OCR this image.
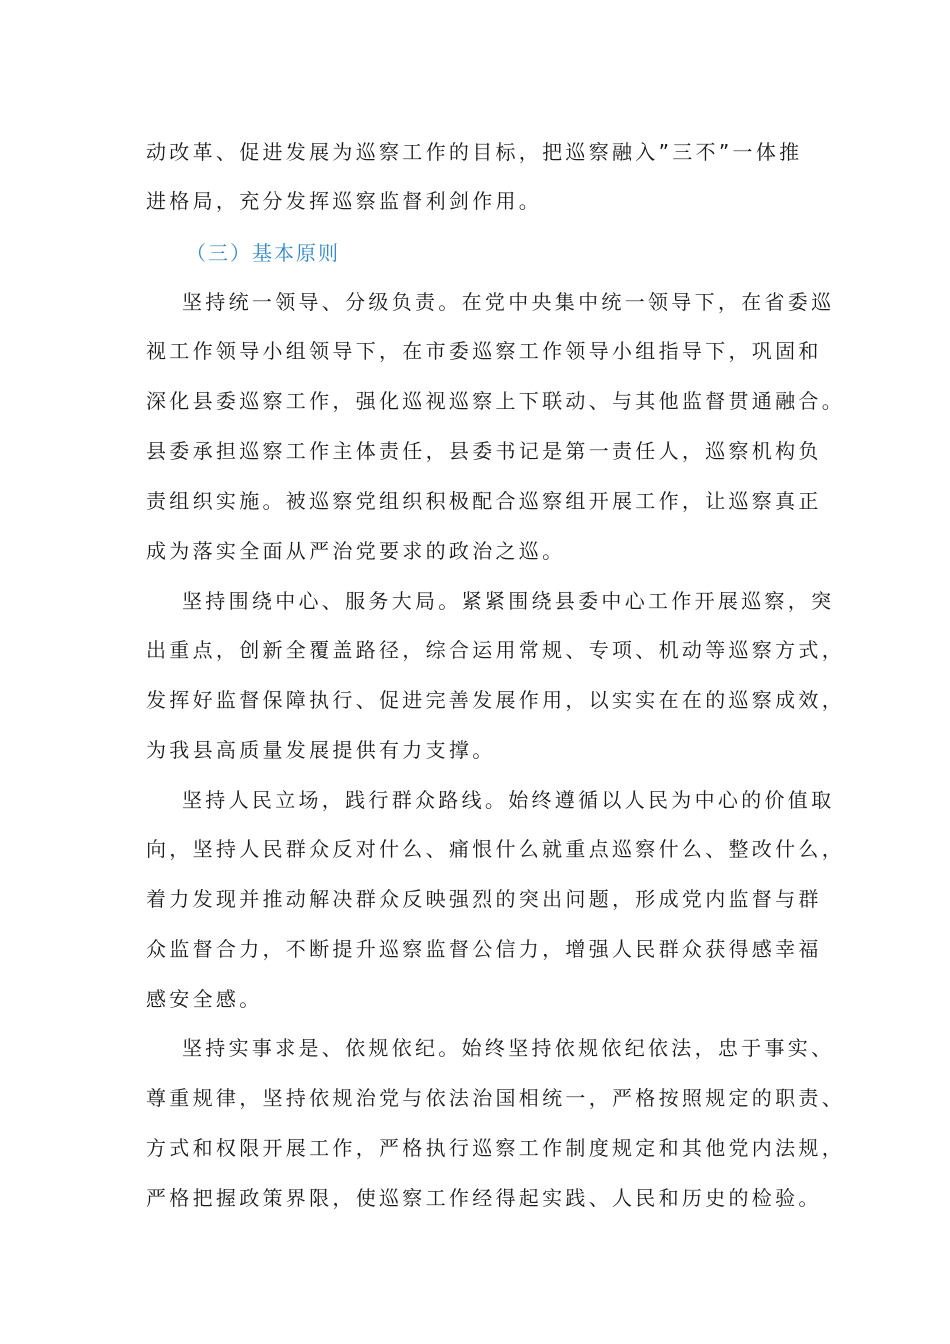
动改革、促进发展为巡察工作的目标，把巡察融入”三不”一体推
进格局，充分发挥巡察监督利剑作用。
（三）基本原则
坚持统一领导、分级负责。在党中央集中统一领导下，在省委巡
视工作领导小组领导下，在市委巡察工作领导小组指导下，巩固和
深化县委巡察工作，强化巡视巡察上下联动、与其他监督贯通融合。
县委承担巡察工作主体责任，县委书记是第一责任人，巡察机构负
责组织实施。被巡察党组织积极配合巡察组开展工作，让巡察真正
成为落实全面从严治党要求的政治之巡。
坚持围绕中心、服务大局。紧紧围绕县委中心工作开展巡察，突
出重点，创新全覆盖路径，综合运用常规、专项、机动等巡察方式，
发挥好监督保障执行、促进完善发展作用，以实实在在的巡察成效，
为我县高质量发展提供有力支撑。
坚持人民立场，践行群众路线。始终遵循以人民为中心的价值取
向，坚持人民群众反对什么、痛恨什么就重点巡察什么、整改什么，
着力发现并推动解决群众反映强烈的突出问题，形成党内监督与群
众监督合力，不断提升巡察监督公信力，增强人民群众获得感幸福
感安全感。
坚持实事求是、依规依纪。始终坚持依规依纪依法，忠于事实、
尊重规律，坚持依规治党与依法治国相统一，严格按照规定的职责、
方式和权限开展工作，严格执行巡察工作制度规定和其他党内法规，
严格把握政策界限，使巡察工作经得起实践、人民和历史的检验。
